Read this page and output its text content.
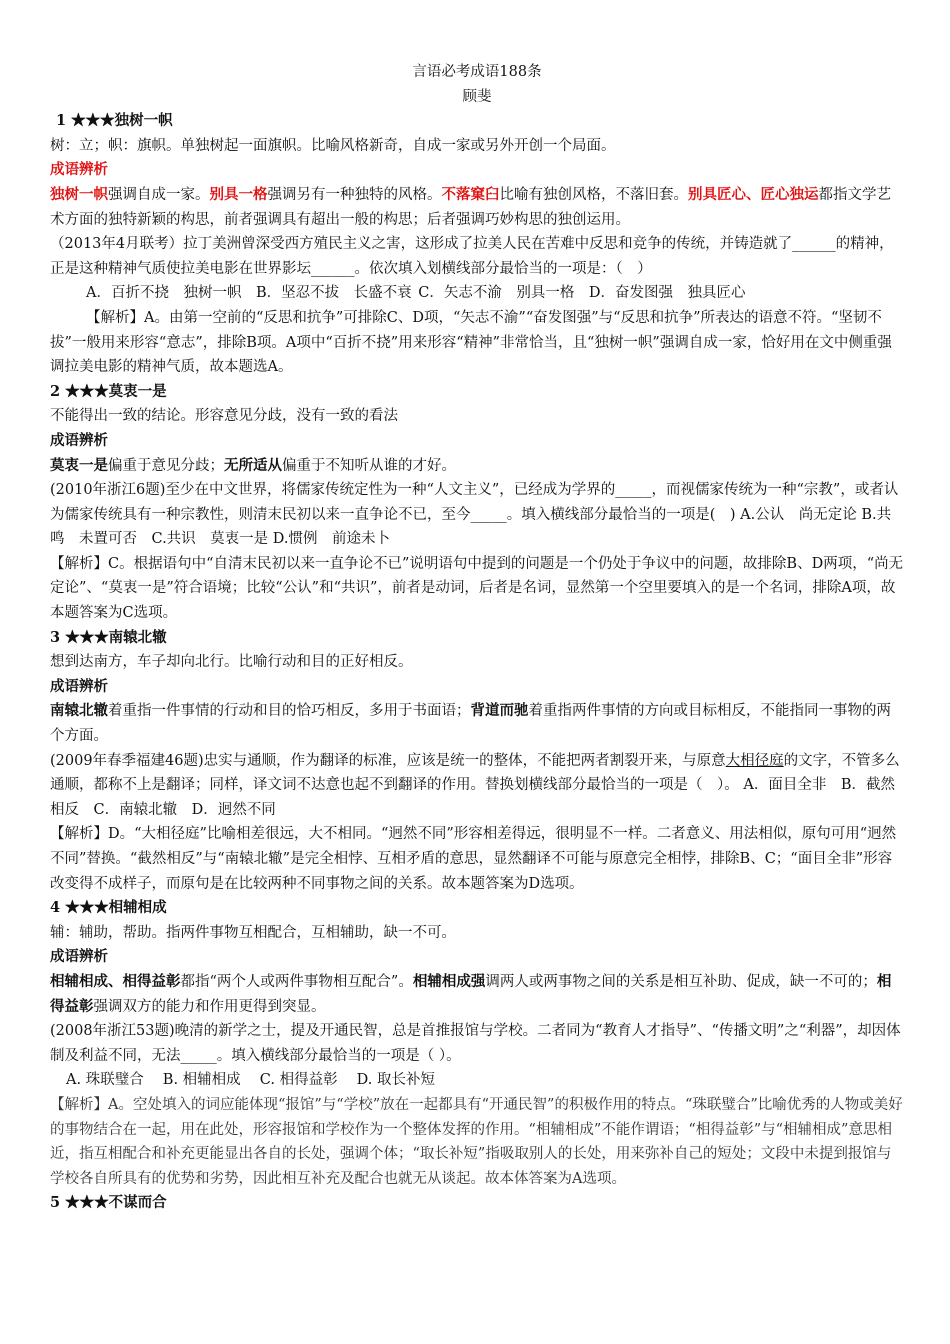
言语必考成语188条

顾斐

1 ★★★独树一帜

树：立；帜：旗帜。单独树起一面旗帜。比喻风格新奇，自成一家或另外开创一个局面。

成语辨析

独树一帜强调自成一家。别具一格强调另有一种独特的风格。不落窠臼比喻有独创风格，不落旧套。别具匠心、匠心独运都指文学艺术方面的独特新颖的构思，前者强调具有超出一般的构思；后者强调巧妙构思的独创运用。

（2013年4月联考）拉丁美洲曾深受西方殖民主义之害，这形成了拉美人民在苦难中反思和竞争的传统，并铸造就了______的精神，正是这种精神气质使拉美电影在世界影坛______。依次填入划横线部分最恰当的一项是：（　）

A．百折不挠　独树一帜　B．坚忍不拔　长盛不衰 C．矢志不渝　别具一格　D．奋发图强　独具匠心

【解析】A。由第一空前的“反思和抗争”可排除C、D项，“矢志不渝”“奋发图强”与“反思和抗争”所表达的语意不符。“坚韧不拔”一般用来形容“意志”，排除B项。A项中“百折不挠”用来形容“精神”非常恰当，且“独树一帜”强调自成一家，恰好用在文中侧重强调拉美电影的精神气质，故本题选A。

2 ★★★莫衷一是

不能得出一致的结论。形容意见分歧，没有一致的看法

成语辨析

莫衷一是偏重于意见分歧；无所适从偏重于不知听从谁的才好。

(2010年浙江6题)至少在中文世界，将儒家传统定性为一种“人文主义”，已经成为学界的_____，而视儒家传统为一种“宗教”，或者认为儒家传统具有一种宗教性，则清末民初以来一直争论不已，至今_____。填入横线部分最恰当的一项是(　) A.公认　尚无定论 B.共鸣　未置可否　C.共识　莫衷一是 D.惯例　前途未卜

【解析】C。根据语句中“自清末民初以来一直争论不已”说明语句中提到的问题是一个仍处于争议中的问题，故排除B、D两项，“尚无定论”、“莫衷一是”符合语境；比较“公认”和“共识”，前者是动词，后者是名词，显然第一个空里要填入的是一个名词，排除A项，故本题答案为C选项。

3 ★★★南辕北辙

想到达南方，车子却向北行。比喻行动和目的正好相反。

成语辨析

南辕北辙着重指一件事情的行动和目的恰巧相反，多用于书面语；背道而驰着重指两件事情的方向或目标相反，不能指同一事物的两个方面。

(2009年春季福建46题)忠实与通顺，作为翻译的标准，应该是统一的整体，不能把两者割裂开来，与原意大相径庭的文字，不管多么通顺，都称不上是翻译；同样，译文词不达意也起不到翻译的作用。替换划横线部分最恰当的一项是（　）。 A．面目全非　B．截然相反　C．南辕北辙　D．迥然不同

【解析】D。“大相径庭”比喻相差很远，大不相同。“迥然不同”形容相差得远，很明显不一样。二者意义、用法相似，原句可用“迥然不同”替换。“截然相反”与“南辕北辙”是完全相悖、互相矛盾的意思，显然翻译不可能与原意完全相悖，排除B、C；“面目全非”形容改变得不成样子，而原句是在比较两种不同事物之间的关系。故本题答案为D选项。

4 ★★★相辅相成

辅：辅助，帮助。指两件事物互相配合，互相辅助，缺一不可。

成语辨析

相辅相成、相得益彰都指“两个人或两件事物相互配合”。相辅相成强调两人或两事物之间的关系是相互补助、促成，缺一不可的；相得益彰强调双方的能力和作用更得到突显。

(2008年浙江53题)晚清的新学之士，提及开通民智，总是首推报馆与学校。二者同为“教育人才指导”、“传播文明”之“利器”，却因体制及利益不同，无法_____。填入横线部分最恰当的一项是（ ）。

A. 珠联璧合　 B. 相辅相成　 C. 相得益彰　 D. 取长补短

【解析】A。空处填入的词应能体现“报馆”与“学校”放在一起都具有“开通民智”的积极作用的特点。“珠联璧合”比喻优秀的人物或美好的事物结合在一起，用在此处，形容报馆和学校作为一个整体发挥的作用。“相辅相成”不能作谓语；“相得益彰”与“相辅相成”意思相近，指互相配合和补充更能显出各自的长处，强调个体；“取长补短”指吸取别人的长处，用来弥补自己的短处；文段中未提到报馆与学校各自所具有的优势和劣势，因此相互补充及配合也就无从谈起。故本体答案为A选项。

5 ★★★不谋而合
